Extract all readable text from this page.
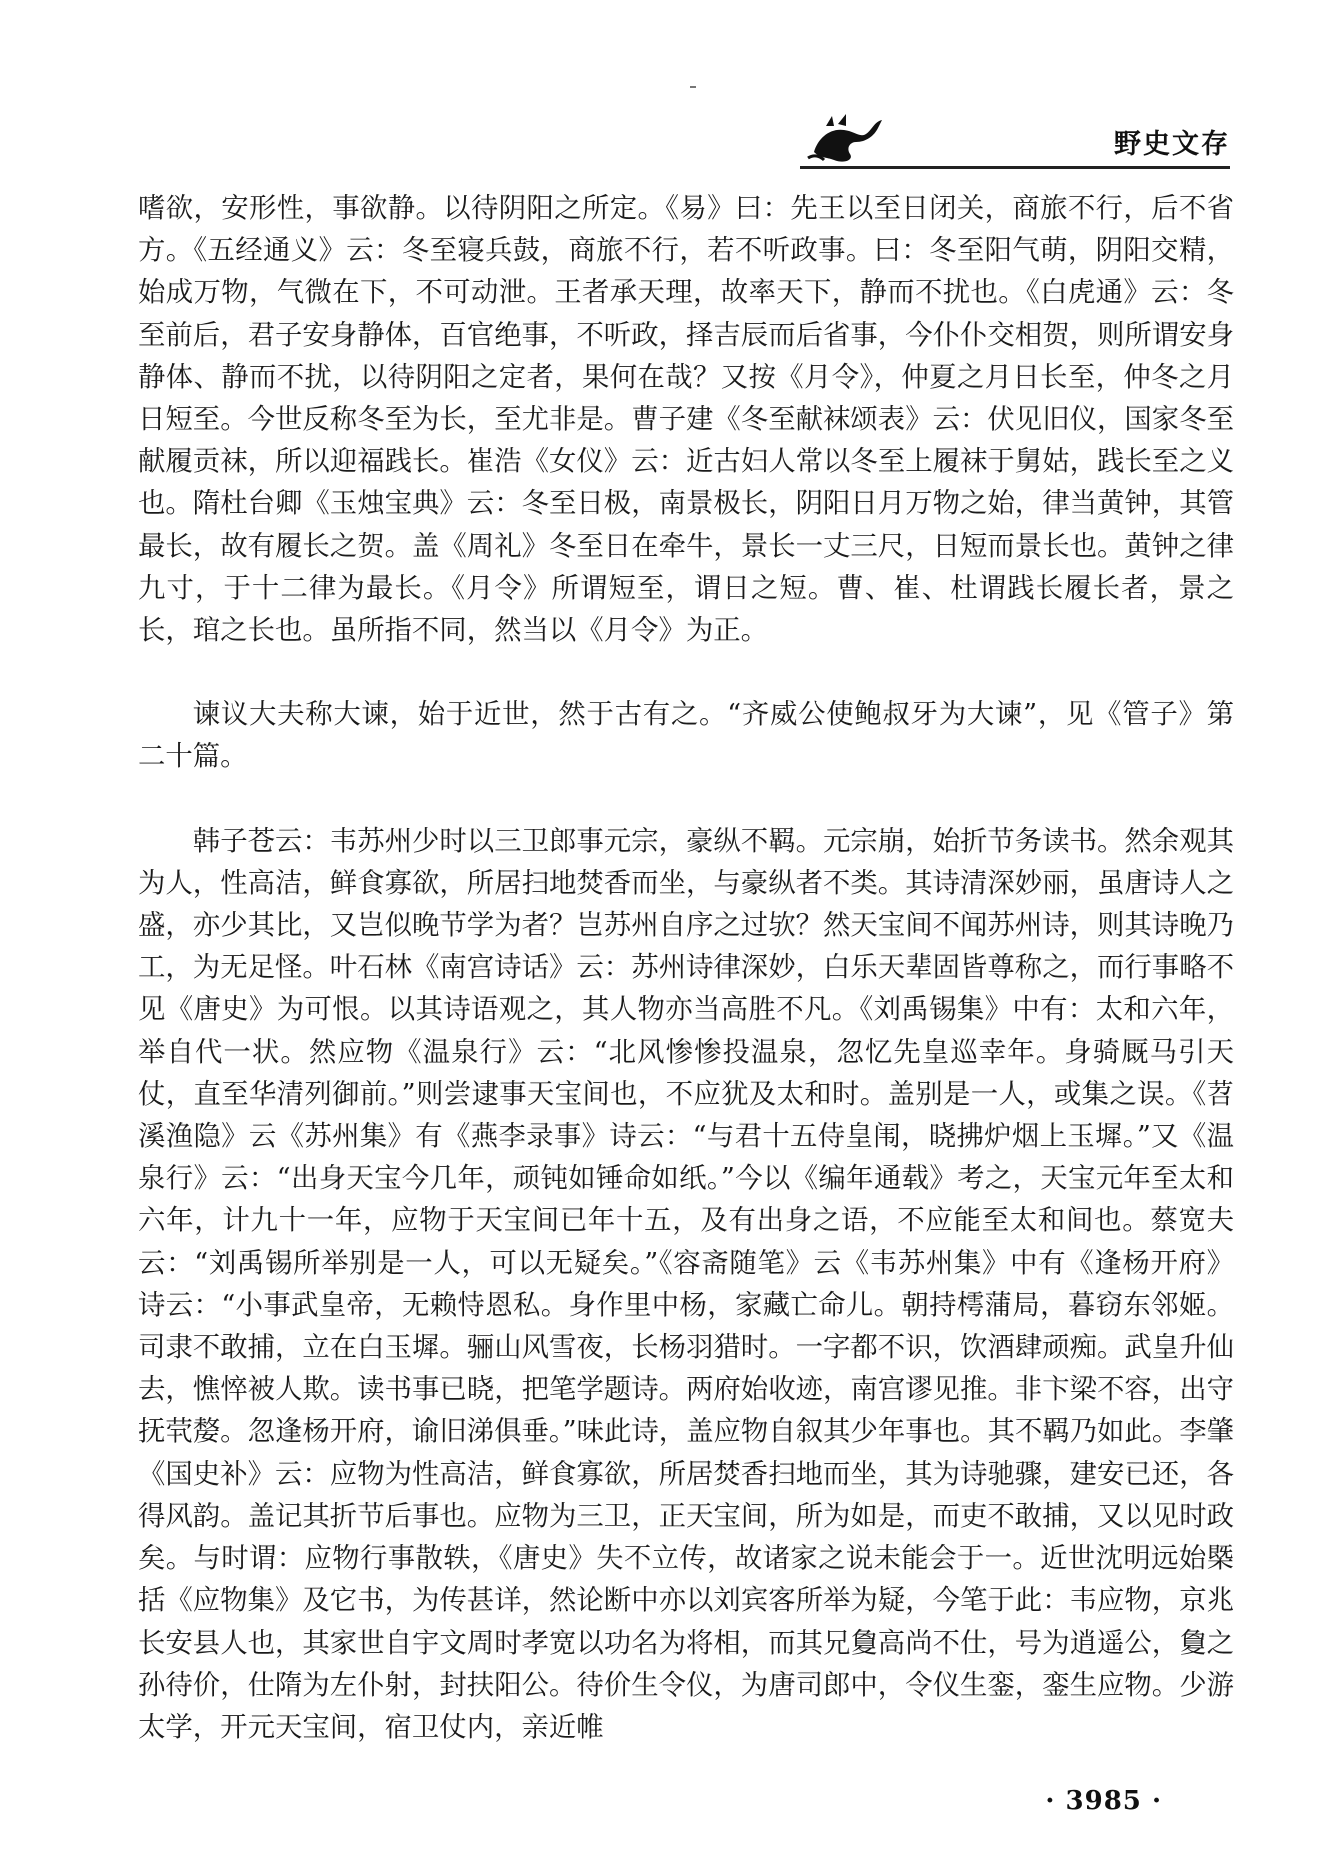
野史文存

嗜欲，安形性，事欲静。以待阴阳之所定。《易》曰：先王以至日闭关，商旅不行，后不省方。《五经通义》云：冬至寝兵鼓，商旅不行，若不听政事。曰：冬至阳气萌，阴阳交精，始成万物，气微在下，不可动泄。王者承天理，故率天下，静而不扰也。《白虎通》云：冬至前后，君子安身静体，百官绝事，不听政，择吉辰而后省事，今仆仆交相贺，则所谓安身静体、静而不扰，以待阴阳之定者，果何在哉？又按《月令》，仲夏之月日长至，仲冬之月日短至。今世反称冬至为长，至尤非是。曹子建《冬至献袜颂表》云：伏见旧仪，国家冬至献履贡袜，所以迎福践长。崔浩《女仪》云：近古妇人常以冬至上履袜于舅姑，践长至之义也。隋杜台卿《玉烛宝典》云：冬至日极，南景极长，阴阳日月万物之始，律当黄钟，其管最长，故有履长之贺。盖《周礼》冬至日在牵牛，景长一丈三尺，日短而景长也。黄钟之律九寸，于十二律为最长。《月令》所谓短至，谓日之短。曹、崔、杜谓践长履长者，景之长，琯之长也。虽所指不同，然当以《月令》为正。

谏议大夫称大谏，始于近世，然于古有之。“齐威公使鲍叔牙为大谏”，见《管子》第二十篇。

韩子苍云：韦苏州少时以三卫郎事元宗，豪纵不羁。元宗崩，始折节务读书。然余观其为人，性高洁，鲜食寡欲，所居扫地焚香而坐，与豪纵者不类。其诗清深妙丽，虽唐诗人之盛，亦少其比，又岂似晚节学为者？岂苏州自序之过欤？然天宝间不闻苏州诗，则其诗晚乃工，为无足怪。叶石林《南宫诗话》云：苏州诗律深妙，白乐天辈固皆尊称之，而行事略不见《唐史》为可恨。以其诗语观之，其人物亦当高胜不凡。《刘禹锡集》中有：太和六年，举自代一状。然应物《温泉行》云：“北风惨惨投温泉，忽忆先皇巡幸年。身骑厩马引天仗，直至华清列御前。”则尝逮事天宝间也，不应犹及太和时。盖别是一人，或集之误。《苕溪渔隐》云《苏州集》有《燕李录事》诗云：“与君十五侍皇闱，晓拂炉烟上玉墀。”又《温泉行》云：“出身天宝今几年，顽钝如锤命如纸。”今以《编年通载》考之，天宝元年至太和六年，计九十一年，应物于天宝间已年十五，及有出身之语，不应能至太和间也。蔡宽夫云：“刘禹锡所举别是一人，可以无疑矣。”《容斋随笔》云《韦苏州集》中有《逢杨开府》诗云：“小事武皇帝，无赖恃恩私。身作里中杨，家藏亡命儿。朝持樗蒲局，暮窃东邻姬。司隶不敢捕，立在白玉墀。骊山风雪夜，长杨羽猎时。一字都不识，饮酒肆顽痴。武皇升仙去，憔悴被人欺。读书事已晓，把笔学题诗。两府始收迹，南宫谬见推。非卞梁不容，出守抚茕嫠。忽逢杨开府，谕旧涕俱垂。”味此诗，盖应物自叙其少年事也。其不羁乃如此。李肇《国史补》云：应物为性高洁，鲜食寡欲，所居焚香扫地而坐，其为诗驰骤，建安已还，各得风韵。盖记其折节后事也。应物为三卫，正天宝间，所为如是，而吏不敢捕，又以见时政矣。与时谓：应物行事散轶，《唐史》失不立传，故诸家之说未能会于一。近世沈明远始槩括《应物集》及它书，为传甚详，然论断中亦以刘宾客所举为疑，今笔于此：韦应物，京兆长安县人也，其家世自宇文周时孝宽以功名为将相，而其兄敻高尚不仕，号为逍遥公，敻之孙待价，仕隋为左仆射，封扶阳公。待价生令仪，为唐司郎中，令仪生銮，銮生应物。少游太学，开元天宝间，宿卫仗内，亲近帷

· 3985 ·
